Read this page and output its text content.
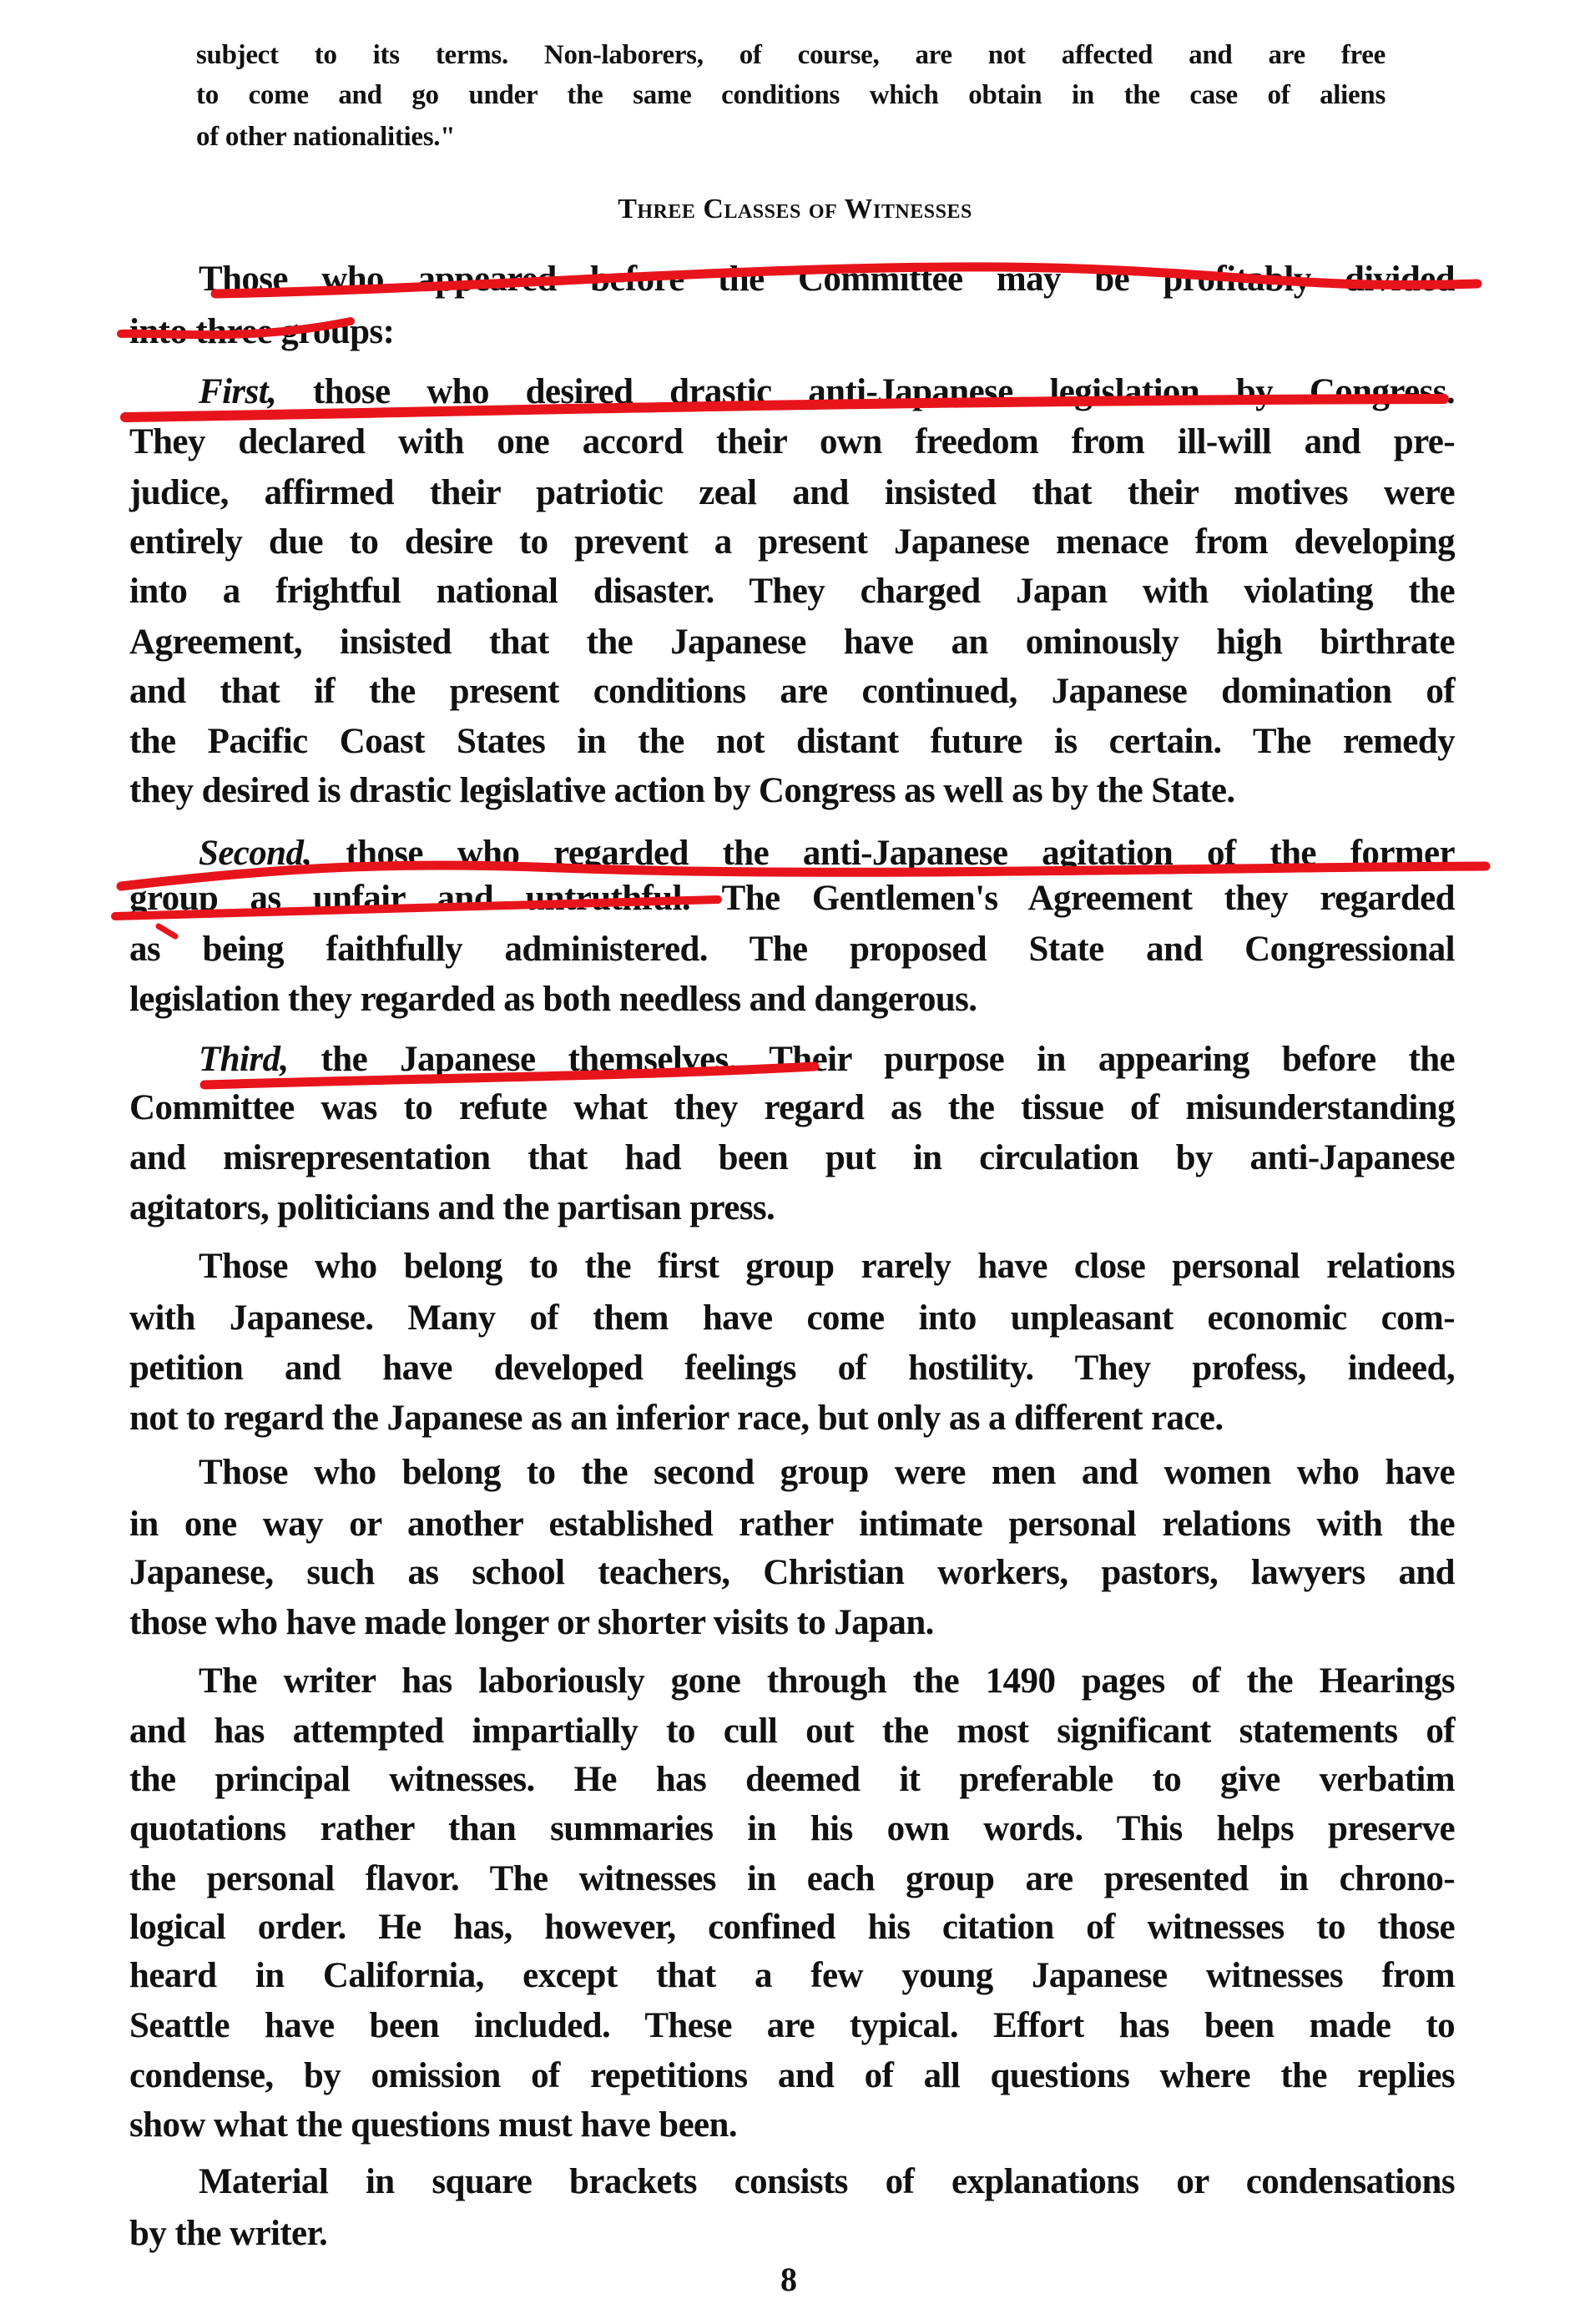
subject to its terms. Non-laborers, of course, are not affected and are free
to come and go under the same conditions which obtain in the case of aliens
of other nationalities."
Three Classes of Witnesses
Those who appeared before the Committee may be profitably divided
into three groups:
First, those who desired drastic anti-Japanese legislation by Congress.
They declared with one accord their own freedom from ill-will and pre-
judice, affirmed their patriotic zeal and insisted that their motives were
entirely due to desire to prevent a present Japanese menace from developing
into a frightful national disaster. They charged Japan with violating the
Agreement, insisted that the Japanese have an ominously high birthrate
and that if the present conditions are continued, Japanese domination of
the Pacific Coast States in the not distant future is certain. The remedy
they desired is drastic legislative action by Congress as well as by the State.
Second, those who regarded the anti-Japanese agitation of the former
group as unfair and untruthful. The Gentlemen's Agreement they regarded
as being faithfully administered. The proposed State and Congressional
legislation they regarded as both needless and dangerous.
Third, the Japanese themselves. Their purpose in appearing before the
Committee was to refute what they regard as the tissue of misunderstanding
and misrepresentation that had been put in circulation by anti-Japanese
agitators, politicians and the partisan press.
Those who belong to the first group rarely have close personal relations
with Japanese. Many of them have come into unpleasant economic com-
petition and have developed feelings of hostility. They profess, indeed,
not to regard the Japanese as an inferior race, but only as a different race.
Those who belong to the second group were men and women who have
in one way or another established rather intimate personal relations with the
Japanese, such as school teachers, Christian workers, pastors, lawyers and
those who have made longer or shorter visits to Japan.
The writer has laboriously gone through the 1490 pages of the Hearings
and has attempted impartially to cull out the most significant statements of
the principal witnesses. He has deemed it preferable to give verbatim
quotations rather than summaries in his own words. This helps preserve
the personal flavor. The witnesses in each group are presented in chrono-
logical order. He has, however, confined his citation of witnesses to those
heard in California, except that a few young Japanese witnesses from
Seattle have been included. These are typical. Effort has been made to
condense, by omission of repetitions and of all questions where the replies
show what the questions must have been.
Material in square brackets consists of explanations or condensations
by the writer.
8
